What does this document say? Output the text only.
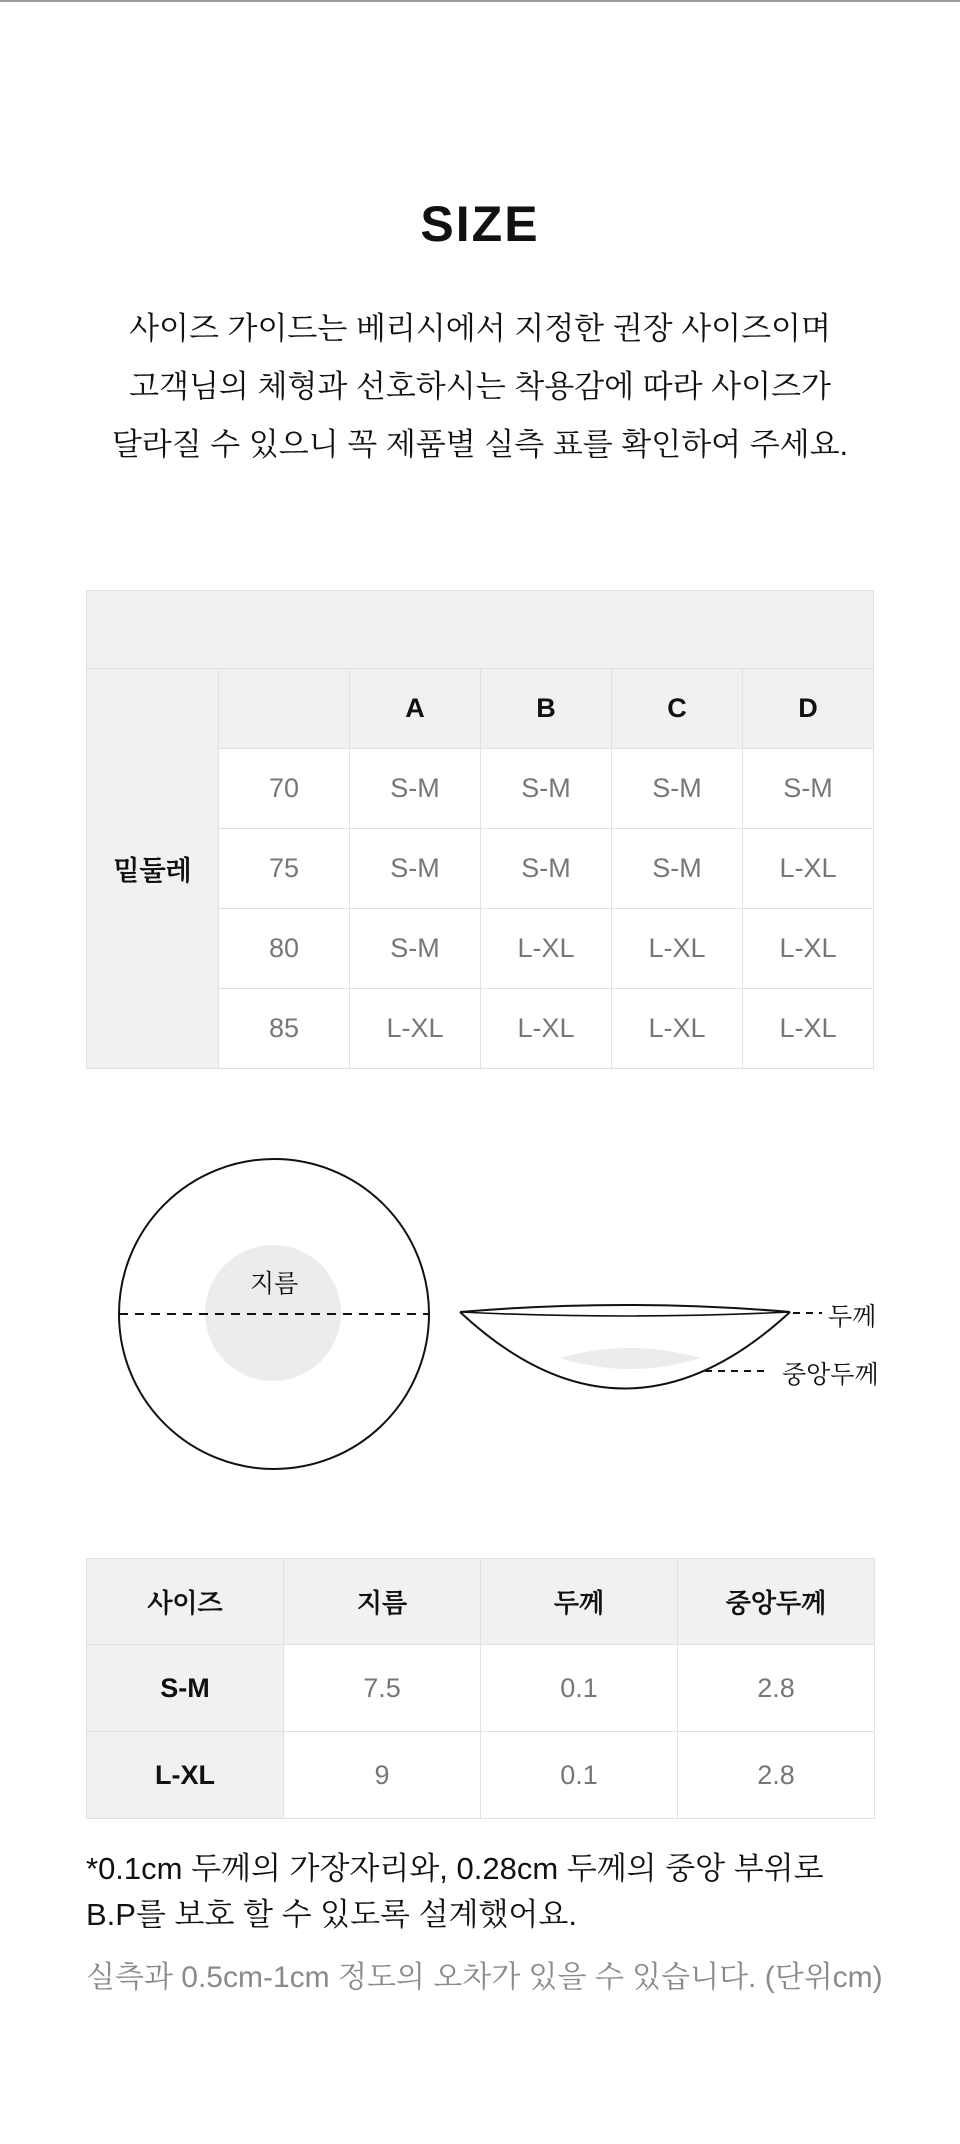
SIZE
사이즈 가이드는 베리시에서 지정한 권장 사이즈이며
고객님의 체형과 선호하시는 착용감에 따라 사이즈가
달라질 수 있으니 꼭 제품별 실측 표를 확인하여 주세요.

밑둘레		A	B	C	D
	70	S-M	S-M	S-M	S-M
	75	S-M	S-M	S-M	L-XL
	80	S-M	L-XL	L-XL	L-XL
	85	L-XL	L-XL	L-XL	L-XL
지름
두께
중앙두께
사이즈	지름	두께	중앙두께
S-M	7.5	0.1	2.8
L-XL	9	0.1	2.8
*0.1cm 두께의 가장자리와, 0.28cm 두께의 중앙 부위로
B.P를 보호 할 수 있도록 설계했어요.
실측과 0.5cm-1cm 정도의 오차가 있을 수 있습니다. (단위cm)
